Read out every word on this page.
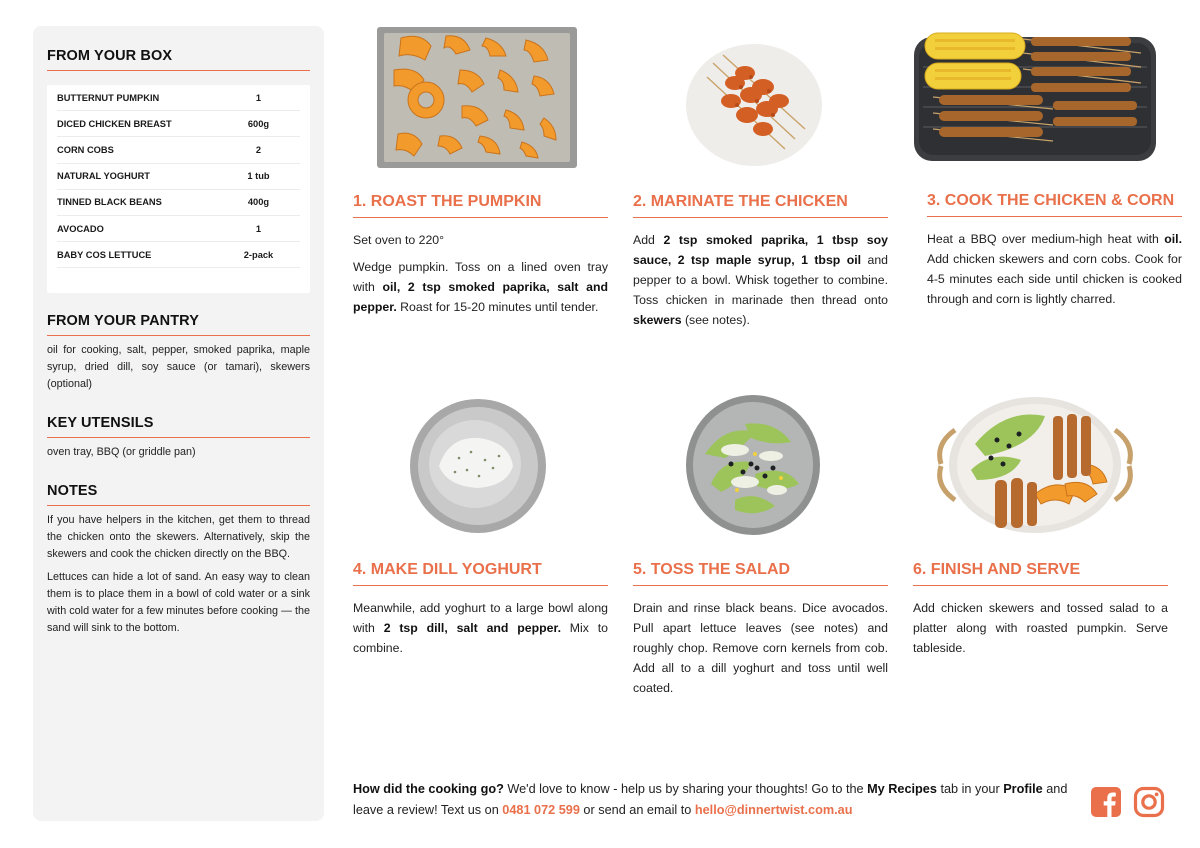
FROM YOUR BOX
BUTTERNUT PUMPKIN	1
DICED CHICKEN BREAST	600g
CORN COBS	2
NATURAL YOGHURT	1 tub
TINNED BLACK BEANS	400g
AVOCADO	1
BABY COS LETTUCE	2-pack
FROM YOUR PANTRY

oil for cooking, salt, pepper, smoked paprika, maple syrup, dried dill, soy sauce (or tamari), skewers (optional)

KEY UTENSILS

oven tray, BBQ (or griddle pan)

NOTES

If you have helpers in the kitchen, get them to thread the chicken onto the skewers. Alternatively, skip the skewers and cook the chicken directly on the BBQ.

Lettuces can hide a lot of sand. An easy way to clean them is to place them in a bowl of cold water or a sink with cold water for a few minutes before cooking — the sand will sink to the bottom.

1. ROAST THE PUMPKIN

Set oven to 220°

Wedge pumpkin. Toss on a lined oven tray with oil, 2 tsp smoked paprika, salt and pepper. Roast for 15-20 minutes until tender.

2. MARINATE THE CHICKEN

Add 2 tsp smoked paprika, 1 tbsp soy sauce, 2 tsp maple syrup, 1 tbsp oil and pepper to a bowl. Whisk together to combine. Toss chicken in marinade then thread onto skewers (see notes).

3. COOK THE CHICKEN & CORN

Heat a BBQ over medium-high heat with oil. Add chicken skewers and corn cobs. Cook for 4-5 minutes each side until chicken is cooked through and corn is lightly charred.

4. MAKE DILL YOGHURT

Meanwhile, add yoghurt to a large bowl along with 2 tsp dill, salt and pepper. Mix to combine.

5. TOSS THE SALAD

Drain and rinse black beans. Dice avocados. Pull apart lettuce leaves (see notes) and roughly chop. Remove corn kernels from cob. Add all to a dill yoghurt and toss until well coated.

6. FINISH AND SERVE

Add chicken skewers and tossed salad to a platter along with roasted pumpkin. Serve tableside.

How did the cooking go? We'd love to know - help us by sharing your thoughts! Go to the My Recipes tab in your Profile and leave a review! Text us on 0481 072 599 or send an email to hello@dinnertwist.com.au
